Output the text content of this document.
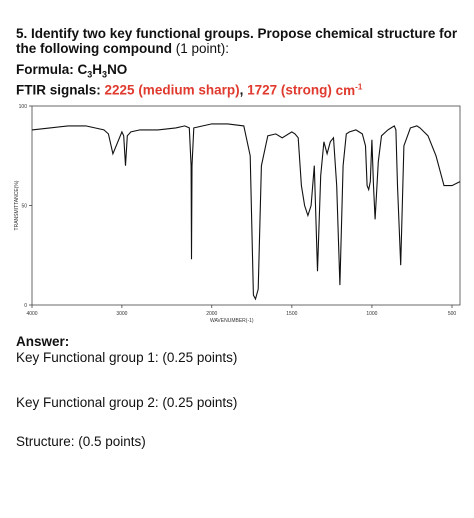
5. Identify two key functional groups. Propose chemical structure for the following compound (1 point):
Formula: $C_3H_3NO$
FTIR signals: 2225 (medium sharp), 1727 (strong) $cm^{-1}$
100
50
0
4000	3000	2000	1500	1000	500
TRANSMITTANCE(%)
WAVENUMBER(-1)
Answer:
Key Functional group 1: (0.25 points)
Key Functional group 2: (0.25 points)
Structure: (0.5 points)
